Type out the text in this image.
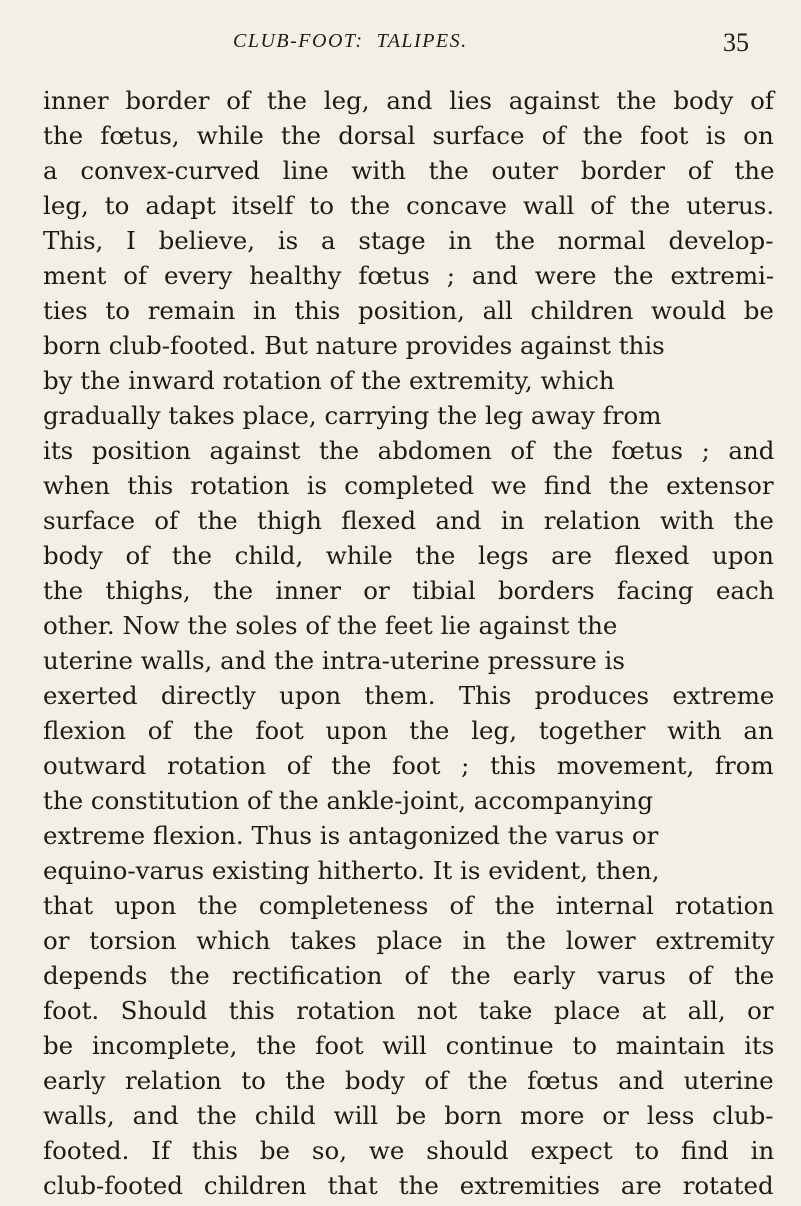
CLUB-FOOT:  TALIPES.	35
inner border of the leg, and lies against the body of
the fœtus, while the dorsal surface of the foot is on
a convex-curved line with the outer border of the
leg, to adapt itself to the concave wall of the uterus.
This, I believe, is a stage in the normal develop-
ment of every healthy fœtus ; and were the extremi-
ties to remain in this position, all children would be
born club-footed. But nature provides against this
by the inward rotation of the extremity, which
gradually takes place, carrying the leg away from
its position against the abdomen of the fœtus ; and
when this rotation is completed we find the extensor
surface of the thigh flexed and in relation with the
body of the child, while the legs are flexed upon
the thighs, the inner or tibial borders facing each
other. Now the soles of the feet lie against the
uterine walls, and the intra-uterine pressure is
exerted directly upon them. This produces extreme
flexion of the foot upon the leg, together with an
outward rotation of the foot ; this movement, from
the constitution of the ankle-joint, accompanying
extreme flexion. Thus is antagonized the varus or
equino-varus existing hitherto. It is evident, then,
that upon the completeness of the internal rotation
or torsion which takes place in the lower extremity
depends the rectification of the early varus of the
foot. Should this rotation not take place at all, or
be incomplete, the foot will continue to maintain its
early relation to the body of the fœtus and uterine
walls, and the child will be born more or less club-
footed. If this be so, we should expect to find in
club-footed children that the extremities are rotated
